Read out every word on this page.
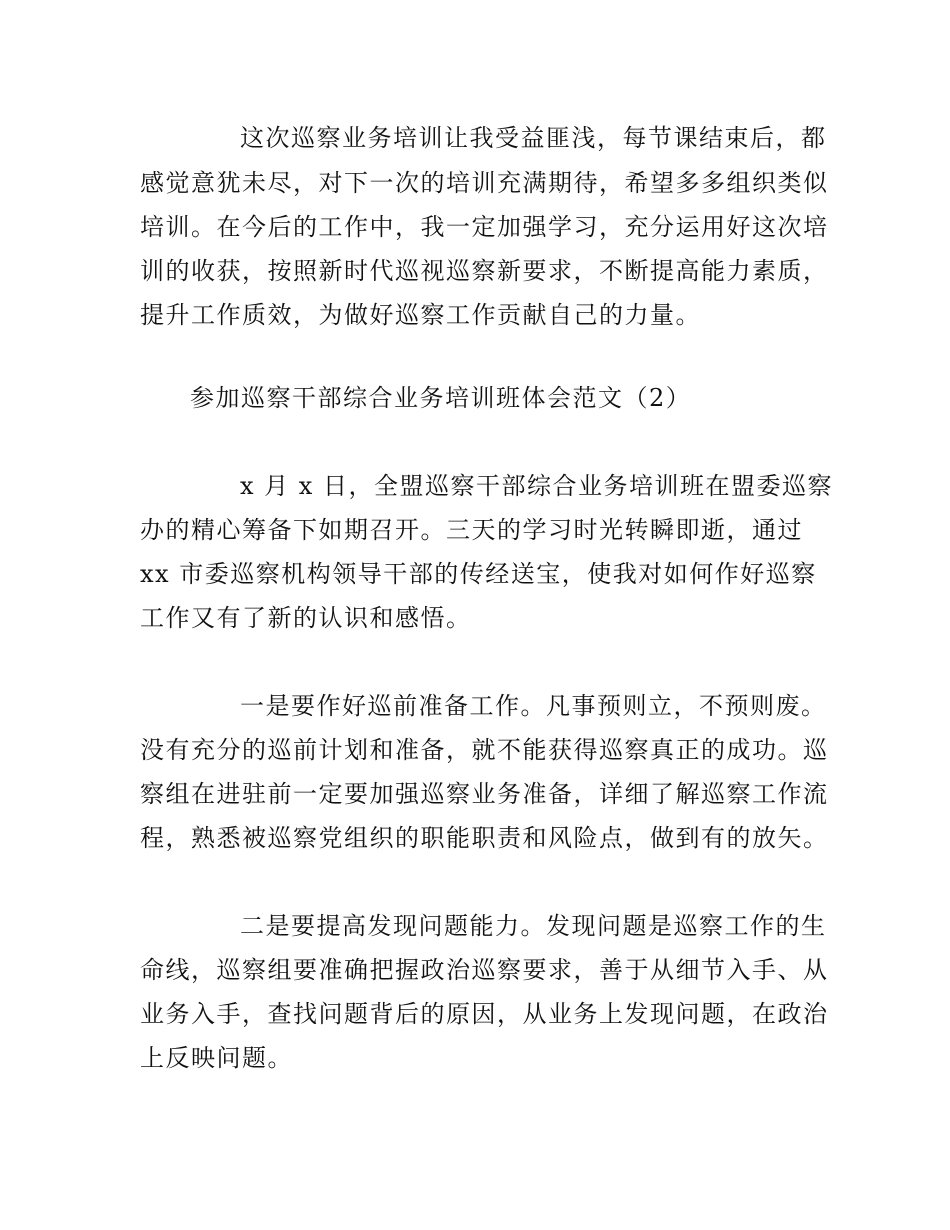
这次巡察业务培训让我受益匪浅，每节课结束后，都

感觉意犹未尽，对下一次的培训充满期待，希望多多组织类似

培训。在今后的工作中，我一定加强学习，充分运用好这次培

训的收获，按照新时代巡视巡察新要求，不断提高能力素质，

提升工作质效，为做好巡察工作贡献自己的力量。

参加巡察干部综合业务培训班体会范文（2）

x 月 x 日，全盟巡察干部综合业务培训班在盟委巡察

办的精心筹备下如期召开。三天的学习时光转瞬即逝，通过

xx 市委巡察机构领导干部的传经送宝，使我对如何作好巡察

工作又有了新的认识和感悟。

一是要作好巡前准备工作。凡事预则立，不预则废。

没有充分的巡前计划和准备，就不能获得巡察真正的成功。巡

察组在进驻前一定要加强巡察业务准备，详细了解巡察工作流

程，熟悉被巡察党组织的职能职责和风险点，做到有的放矢。

二是要提高发现问题能力。发现问题是巡察工作的生

命线，巡察组要准确把握政治巡察要求，善于从细节入手、从

业务入手，查找问题背后的原因，从业务上发现问题，在政治

上反映问题。
